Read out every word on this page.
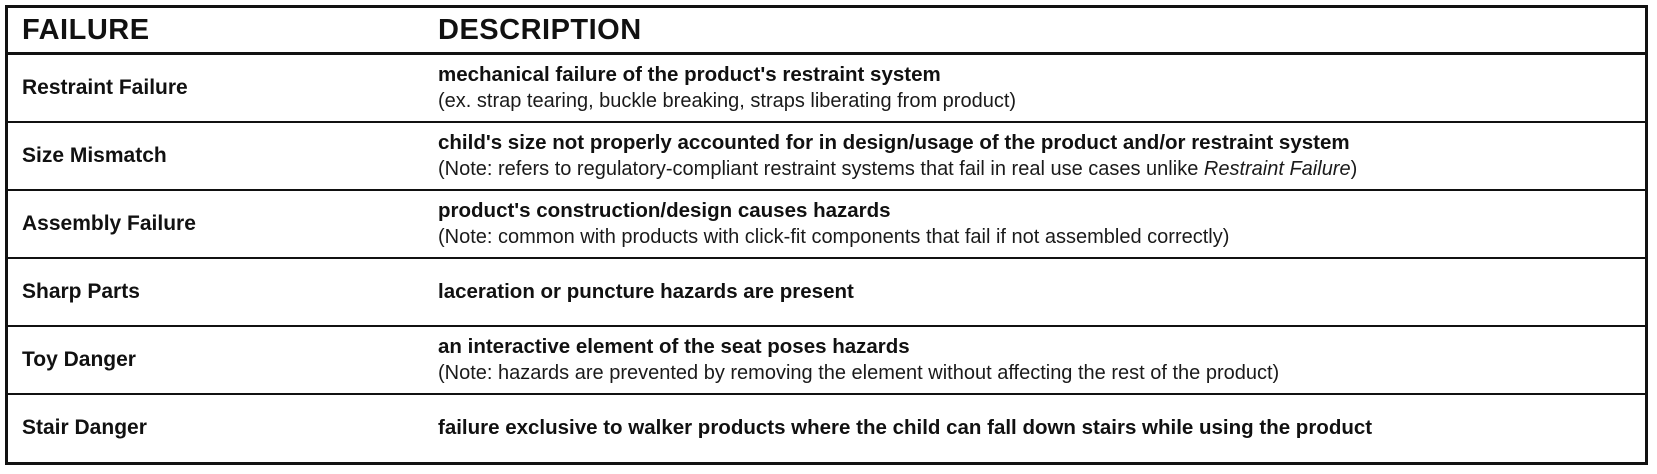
FAILURE	DESCRIPTION
Restraint Failure	mechanical failure of the product's restraint system
(ex. strap tearing, buckle breaking, straps liberating from product)

Size Mismatch	child's size not properly accounted for in design/usage of the product and/or restraint system
(Note: refers to regulatory-compliant restraint systems that fail in real use cases unlike Restraint Failure)

Assembly Failure	product's construction/design causes hazards
(Note: common with products with click-fit components that fail if not assembled correctly)

Sharp Parts	laceration or puncture hazards are present

Toy Danger	an interactive element of the seat poses hazards
(Note: hazards are prevented by removing the element without affecting the rest of the product)

Stair Danger	failure exclusive to walker products where the child can fall down stairs while using the product
